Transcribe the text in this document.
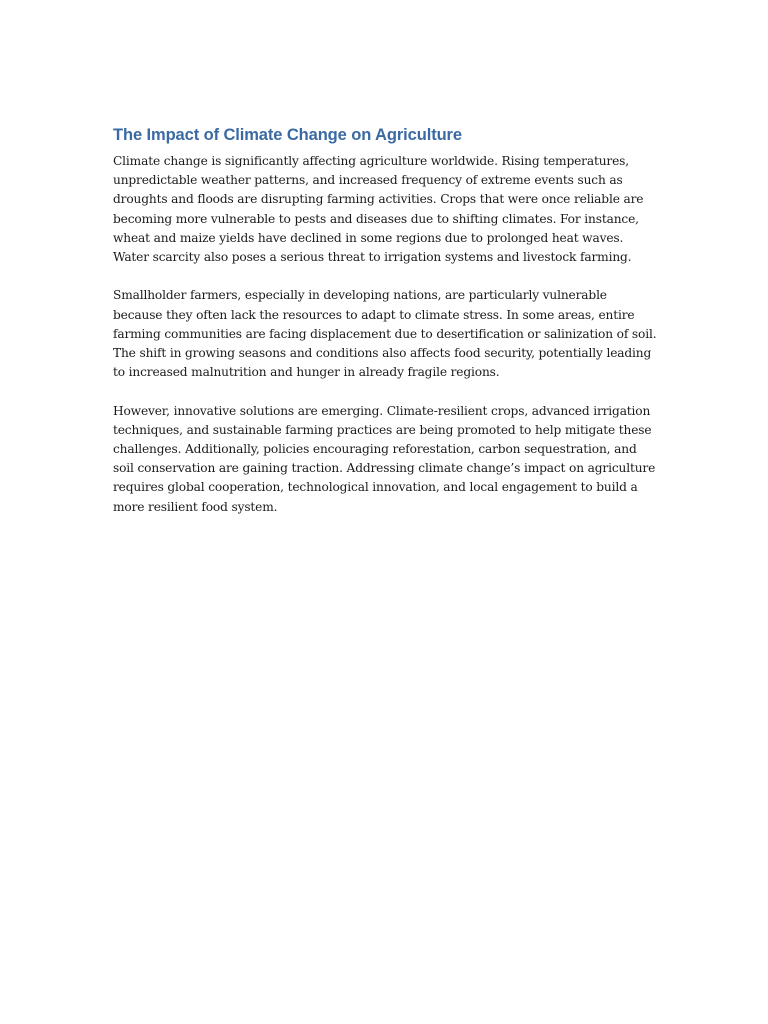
The Impact of Climate Change on Agriculture

Climate change is significantly affecting agriculture worldwide. Rising temperatures, unpredictable weather patterns, and increased frequency of extreme events such as droughts and floods are disrupting farming activities. Crops that were once reliable are becoming more vulnerable to pests and diseases due to shifting climates. For instance, wheat and maize yields have declined in some regions due to prolonged heat waves. Water scarcity also poses a serious threat to irrigation systems and livestock farming.

Smallholder farmers, especially in developing nations, are particularly vulnerable because they often lack the resources to adapt to climate stress. In some areas, entire farming communities are facing displacement due to desertification or salinization of soil. The shift in growing seasons and conditions also affects food security, potentially leading to increased malnutrition and hunger in already fragile regions.

However, innovative solutions are emerging. Climate-resilient crops, advanced irrigation techniques, and sustainable farming practices are being promoted to help mitigate these challenges. Additionally, policies encouraging reforestation, carbon sequestration, and soil conservation are gaining traction. Addressing climate change’s impact on agriculture requires global cooperation, technological innovation, and local engagement to build a more resilient food system.
